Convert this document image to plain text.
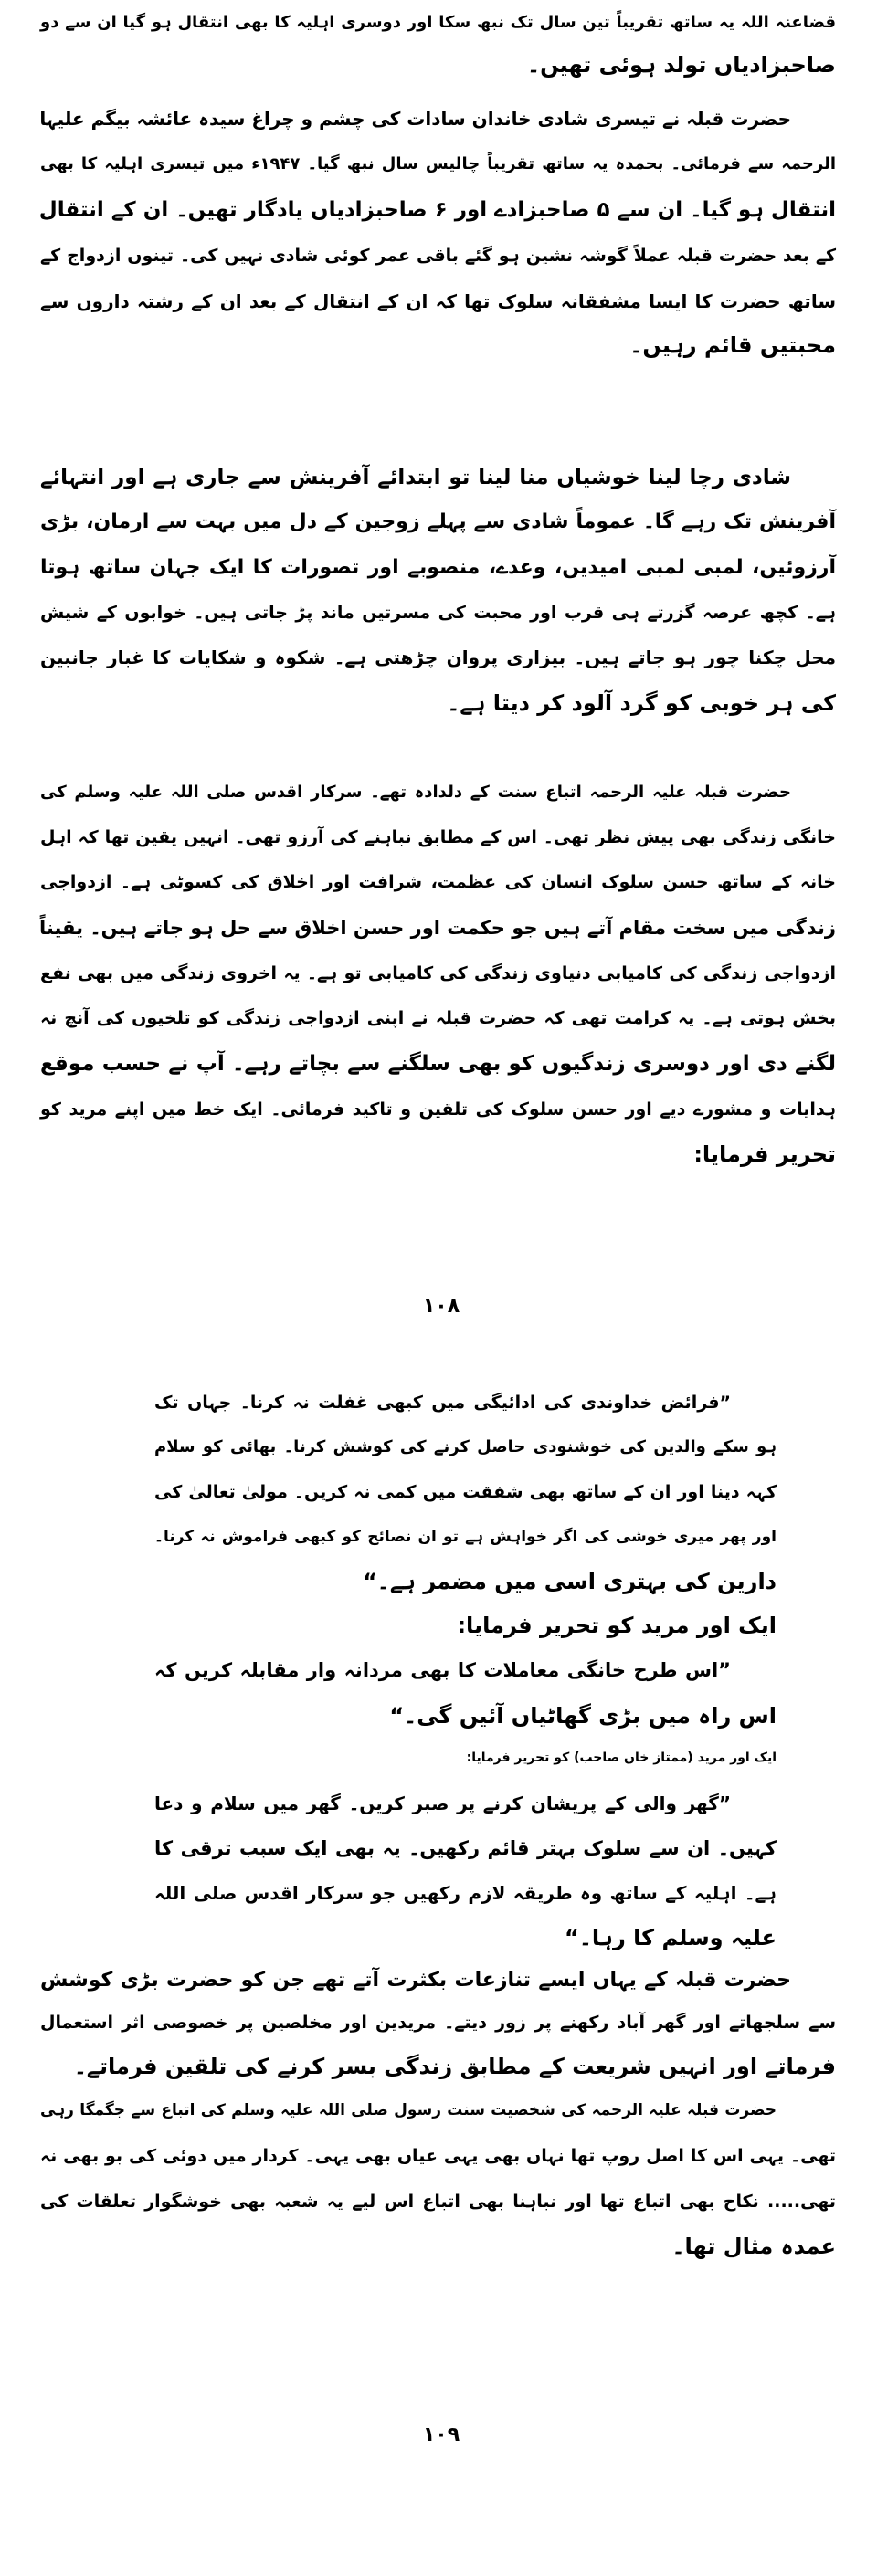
۱۰۸
۱۰۹
قضاعنہ اللہ یہ ساتھ تقریباً تین سال تک نبھ سکا اور دوسری اہلیہ کا بھی انتقال ہو گیا ان سے دو
صاحبزادیاں تولد ہوئی تھیں۔
حضرت قبلہ نے تیسری شادی خاندان سادات کی چشم و چراغ سیدہ عائشہ بیگم علیہا
الرحمہ سے فرمائی۔ بحمدہ یہ ساتھ تقریباً چالیس سال نبھ گیا۔ ۱۹۴۷ء میں تیسری اہلیہ کا بھی
انتقال ہو گیا۔ ان سے ۵ صاحبزادے اور ۶ صاحبزادیاں یادگار تھیں۔ ان کے انتقال
کے بعد حضرت قبلہ عملاً گوشہ نشین ہو گئے باقی عمر کوئی شادی نہیں کی۔ تینوں ازدواج کے
ساتھ حضرت کا ایسا مشفقانہ سلوک تھا کہ ان کے انتقال کے بعد ان کے رشتہ داروں سے
محبتیں قائم رہیں۔
شادی رچا لینا خوشیاں منا لینا تو ابتدائے آفرینش سے جاری ہے اور انتہائے
آفرینش تک رہے گا۔ عموماً شادی سے پہلے زوجین کے دل میں بہت سے ارمان، بڑی
آرزوئیں، لمبی لمبی امیدیں، وعدے، منصوبے اور تصورات کا ایک جہان ساتھ ہوتا
ہے۔ کچھ عرصہ گزرتے ہی قرب اور محبت کی مسرتیں ماند پڑ جاتی ہیں۔ خوابوں کے شیش
محل چکنا چور ہو جاتے ہیں۔ بیزاری پروان چڑھتی ہے۔ شکوہ و شکایات کا غبار جانبین
کی ہر خوبی کو گرد آلود کر دیتا ہے۔
حضرت قبلہ علیہ الرحمہ اتباع سنت کے دلدادہ تھے۔ سرکار اقدس صلی اللہ علیہ وسلم کی
خانگی زندگی بھی پیش نظر تھی۔ اس کے مطابق نباہنے کی آرزو تھی۔ انہیں یقین تھا کہ اہل
خانہ کے ساتھ حسن سلوک انسان کی عظمت، شرافت اور اخلاق کی کسوٹی ہے۔ ازدواجی
زندگی میں سخت مقام آتے ہیں جو حکمت اور حسن اخلاق سے حل ہو جاتے ہیں۔ یقیناً
ازدواجی زندگی کی کامیابی دنیاوی زندگی کی کامیابی تو ہے۔ یہ اخروی زندگی میں بھی نفع
بخش ہوتی ہے۔ یہ کرامت تھی کہ حضرت قبلہ نے اپنی ازدواجی زندگی کو تلخیوں کی آنچ نہ
لگنے دی اور دوسری زندگیوں کو بھی سلگنے سے بچاتے رہے۔ آپ نے حسب موقع
ہدایات و مشورے دیے اور حسن سلوک کی تلقین و تاکید فرمائی۔ ایک خط میں اپنے مرید کو
تحریر فرمایا:
”فرائض خداوندی کی ادائیگی میں کبھی غفلت نہ کرنا۔ جہاں تک
ہو سکے والدین کی خوشنودی حاصل کرنے کی کوشش کرنا۔ بھائی کو سلام
کہہ دینا اور ان کے ساتھ بھی شفقت میں کمی نہ کریں۔ مولیٰ تعالیٰ کی
اور پھر میری خوشی کی اگر خواہش ہے تو ان نصائح کو کبھی فراموش نہ کرنا۔
دارین کی بہتری اسی میں مضمر ہے۔“
ایک اور مرید کو تحریر فرمایا:
”اس طرح خانگی معاملات کا بھی مردانہ وار مقابلہ کریں کہ
اس راہ میں بڑی گھاٹیاں آئیں گی۔“
ایک اور مرید (ممتاز خاں صاحب) کو تحریر فرمایا:
”گھر والی کے پریشان کرنے پر صبر کریں۔ گھر میں سلام و دعا
کہیں۔ ان سے سلوک بہتر قائم رکھیں۔ یہ بھی ایک سبب ترقی کا
ہے۔ اہلیہ کے ساتھ وہ طریقہ لازم رکھیں جو سرکار اقدس صلی اللہ
علیہ وسلم کا رہا۔“
حضرت قبلہ کے یہاں ایسے تنازعات بکثرت آتے تھے جن کو حضرت بڑی کوشش
سے سلجھاتے اور گھر آباد رکھنے پر زور دیتے۔ مریدین اور مخلصین پر خصوصی اثر استعمال
فرماتے اور انہیں شریعت کے مطابق زندگی بسر کرنے کی تلقین فرماتے۔
حضرت قبلہ علیہ الرحمہ کی شخصیت سنت رسول صلی اللہ علیہ وسلم کی اتباع سے جگمگا رہی
تھی۔ یہی اس کا اصل روپ تھا نہاں بھی یہی عیاں بھی یہی۔ کردار میں دوئی کی بو بھی نہ
تھی..... نکاح بھی اتباع تھا اور نباہنا بھی اتباع اس لیے یہ شعبہ بھی خوشگوار تعلقات کی
عمدہ مثال تھا۔
